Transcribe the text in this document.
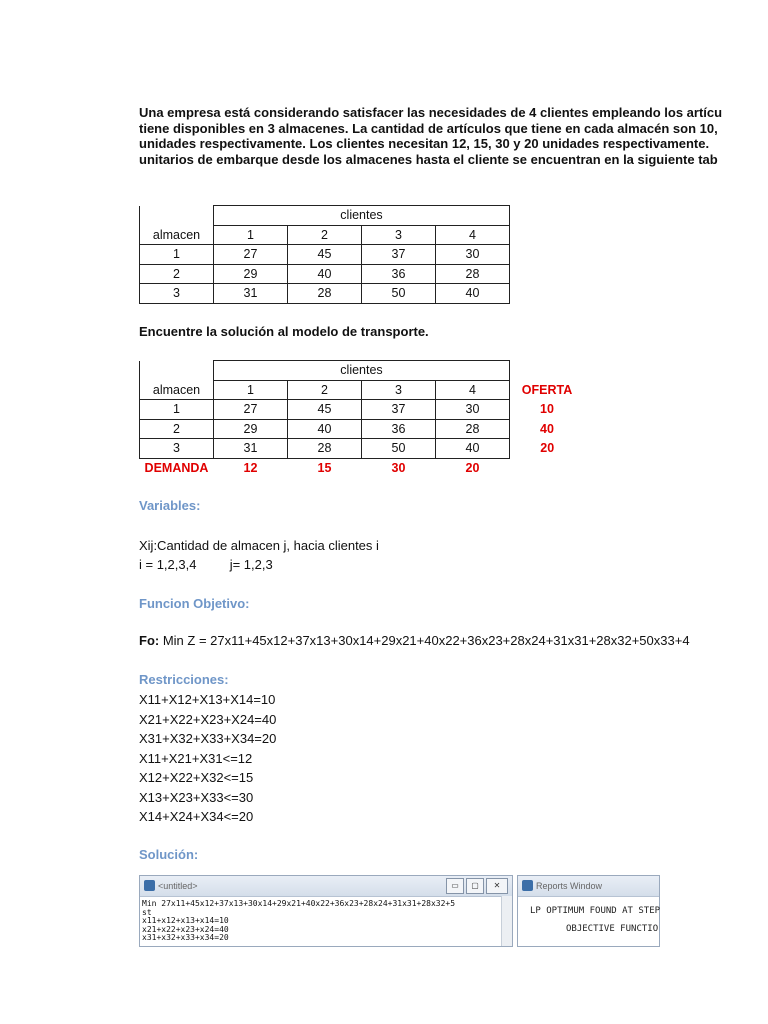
Una empresa está considerando satisfacer las necesidades de 4 clientes empleando los artícu
tiene disponibles en 3 almacenes. La cantidad de artículos que tiene en cada almacén son 10,
unidades respectivamente. Los clientes necesitan 12, 15, 30 y 20 unidades respectivamente.
unitarios de embarque desde los almacenes hasta el cliente se encuentran en la siguiente tab
	clientes			
almacen	1	2	3	4
1	27	45	37	30
2	29	40	36	28
3	31	28	50	40
Encuentre la solución al modelo de transporte.
	clientes				
almacen	1	2	3	4	OFERTA
1	27	45	37	30	10
2	29	40	36	28	40
3	31	28	50	40	20
DEMANDA	12	15	30	20	
Variables:
Xij:Cantidad de almacen j, hacia clientes i
i = 1,2,3,4	j= 1,2,3
Funcion Objetivo:
Fo: Min Z = 27x11+45x12+37x13+30x14+29x21+40x22+36x23+28x24+31x31+28x32+50x33+4
Restricciones:
X11+X12+X13+X14=10
X21+X22+X23+X24=40
X31+X32+X33+X34=20
X11+X21+X31<=12
X12+X22+X32<=15
X13+X23+X33<=30
X14+X24+X34<=20
Solución:
<untitled>	▭	▢	✕
Min 27x11+45x12+37x13+30x14+29x21+40x22+36x23+28x24+31x31+28x32+5
st
x11+x12+x13+x14=10
x21+x22+x23+x24=40
x31+x32+x33+x34=20
Reports Window
LP OPTIMUM FOUND AT STEP
OBJECTIVE FUNCTIO
